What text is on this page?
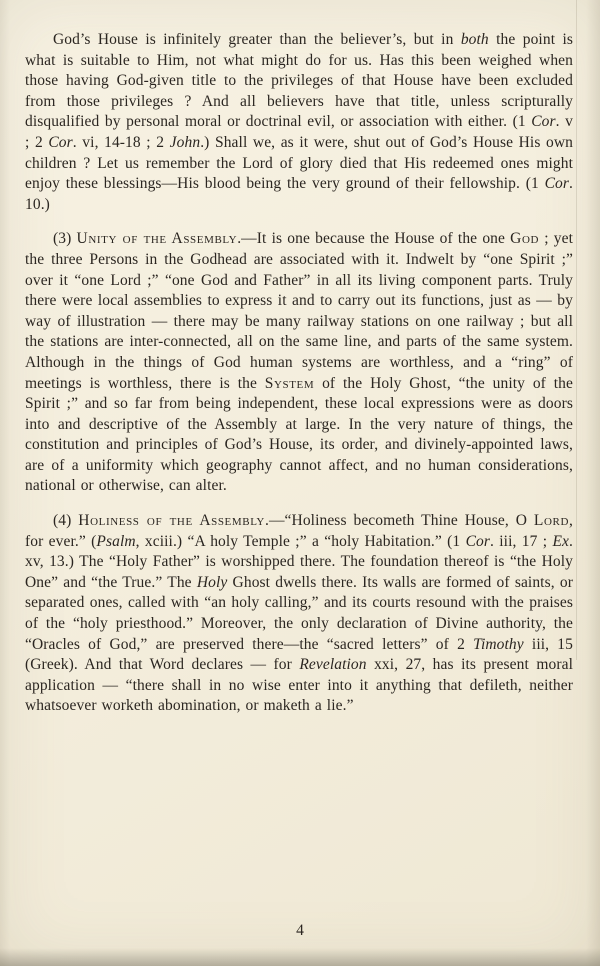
God’s House is infinitely greater than the believer’s, but in both the point is what is suitable to Him, not what might do for us. Has this been weighed when those having God-given title to the privileges of that House have been excluded from those privileges ? And all believers have that title, unless scripturally disqualified by personal moral or doctrinal evil, or association with either. (1 Cor. v ; 2 Cor. vi, 14-18 ; 2 John.) Shall we, as it were, shut out of God’s House His own children ? Let us remember the Lord of glory died that His redeemed ones might enjoy these blessings—His blood being the very ground of their fellowship. (1 Cor. 10.)

(3) Unity of the Assembly.—It is one because the House of the one God ; yet the three Persons in the Godhead are associated with it. Indwelt by “one Spirit ;” over it “one Lord ;” “one God and Father” in all its living component parts. Truly there were local assemblies to express it and to carry out its functions, just as — by way of illustration — there may be many railway stations on one railway ; but all the stations are inter-connected, all on the same line, and parts of the same system. Although in the things of God human systems are worthless, and a “ring” of meetings is worthless, there is the System of the Holy Ghost, “the unity of the Spirit ;” and so far from being independent, these local expressions were as doors into and descriptive of the Assembly at large. In the very nature of things, the constitution and principles of God’s House, its order, and divinely-appointed laws, are of a uniformity which geography cannot affect, and no human considerations, national or otherwise, can alter.

(4) Holiness of the Assembly.—“Holiness becometh Thine House, O Lord, for ever.” (Psalm, xciii.) “A holy Temple ;” a “holy Habitation.” (1 Cor. iii, 17 ; Ex. xv, 13.) The “Holy Father” is worshipped there. The foundation thereof is “the Holy One” and “the True.” The Holy Ghost dwells there. Its walls are formed of saints, or separated ones, called with “an holy calling,” and its courts resound with the praises of the “holy priesthood.” Moreover, the only declaration of Divine authority, the “Oracles of God,” are preserved there—the “sacred letters” of 2 Timothy iii, 15 (Greek). And that Word declares — for Revelation xxi, 27, has its present moral application — “there shall in no wise enter into it anything that defileth, neither whatsoever worketh abomination, or maketh a lie.”

4
